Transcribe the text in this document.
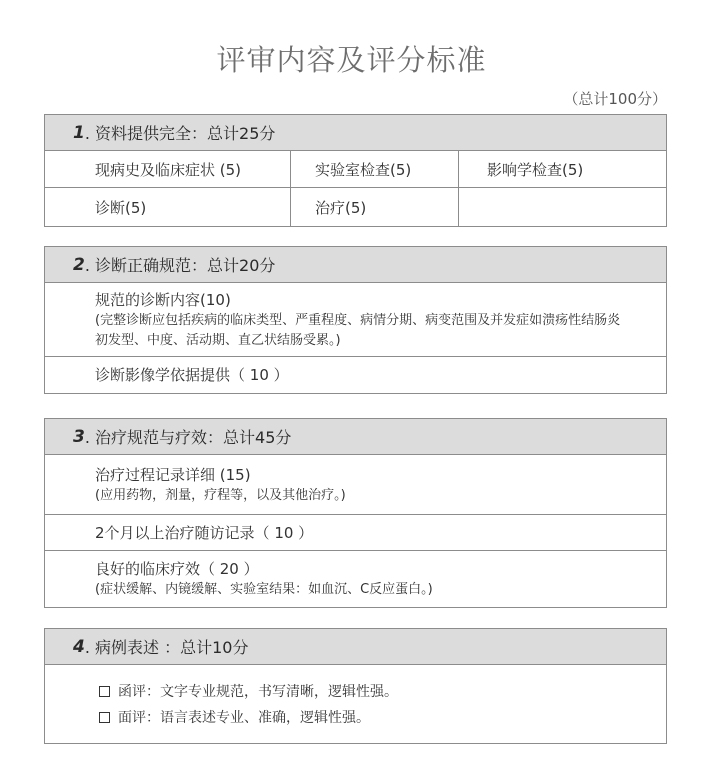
评审内容及评分标准
（总计100分）
1 . 资料提供完全：总计25分
现病史及临床症状 (5)	实验室检查(5)	影响学检查(5)
诊断(5)	治疗(5)
2 . 诊断正确规范：总计20分
规范的诊断内容(10)
(完整诊断应包括疾病的临床类型、严重程度、病情分期、病变范围及并发症如溃疡性结肠炎初发型、中度、活动期、直乙状结肠受累。)
诊断影像学依据提供（ 10 ）
3 . 治疗规范与疗效：总计45分
治疗过程记录详细 (15)
(应用药物，剂量，疗程等，以及其他治疗。)
2个月以上治疗随访记录（ 10 ）
良好的临床疗效（ 20 ）
(症状缓解、内镜缓解、实验室结果：如血沉、C反应蛋白。)
4 . 病例表述 ：总计10分
函评：文字专业规范，书写清晰，逻辑性强。
面评：语言表述专业、准确，逻辑性强。
